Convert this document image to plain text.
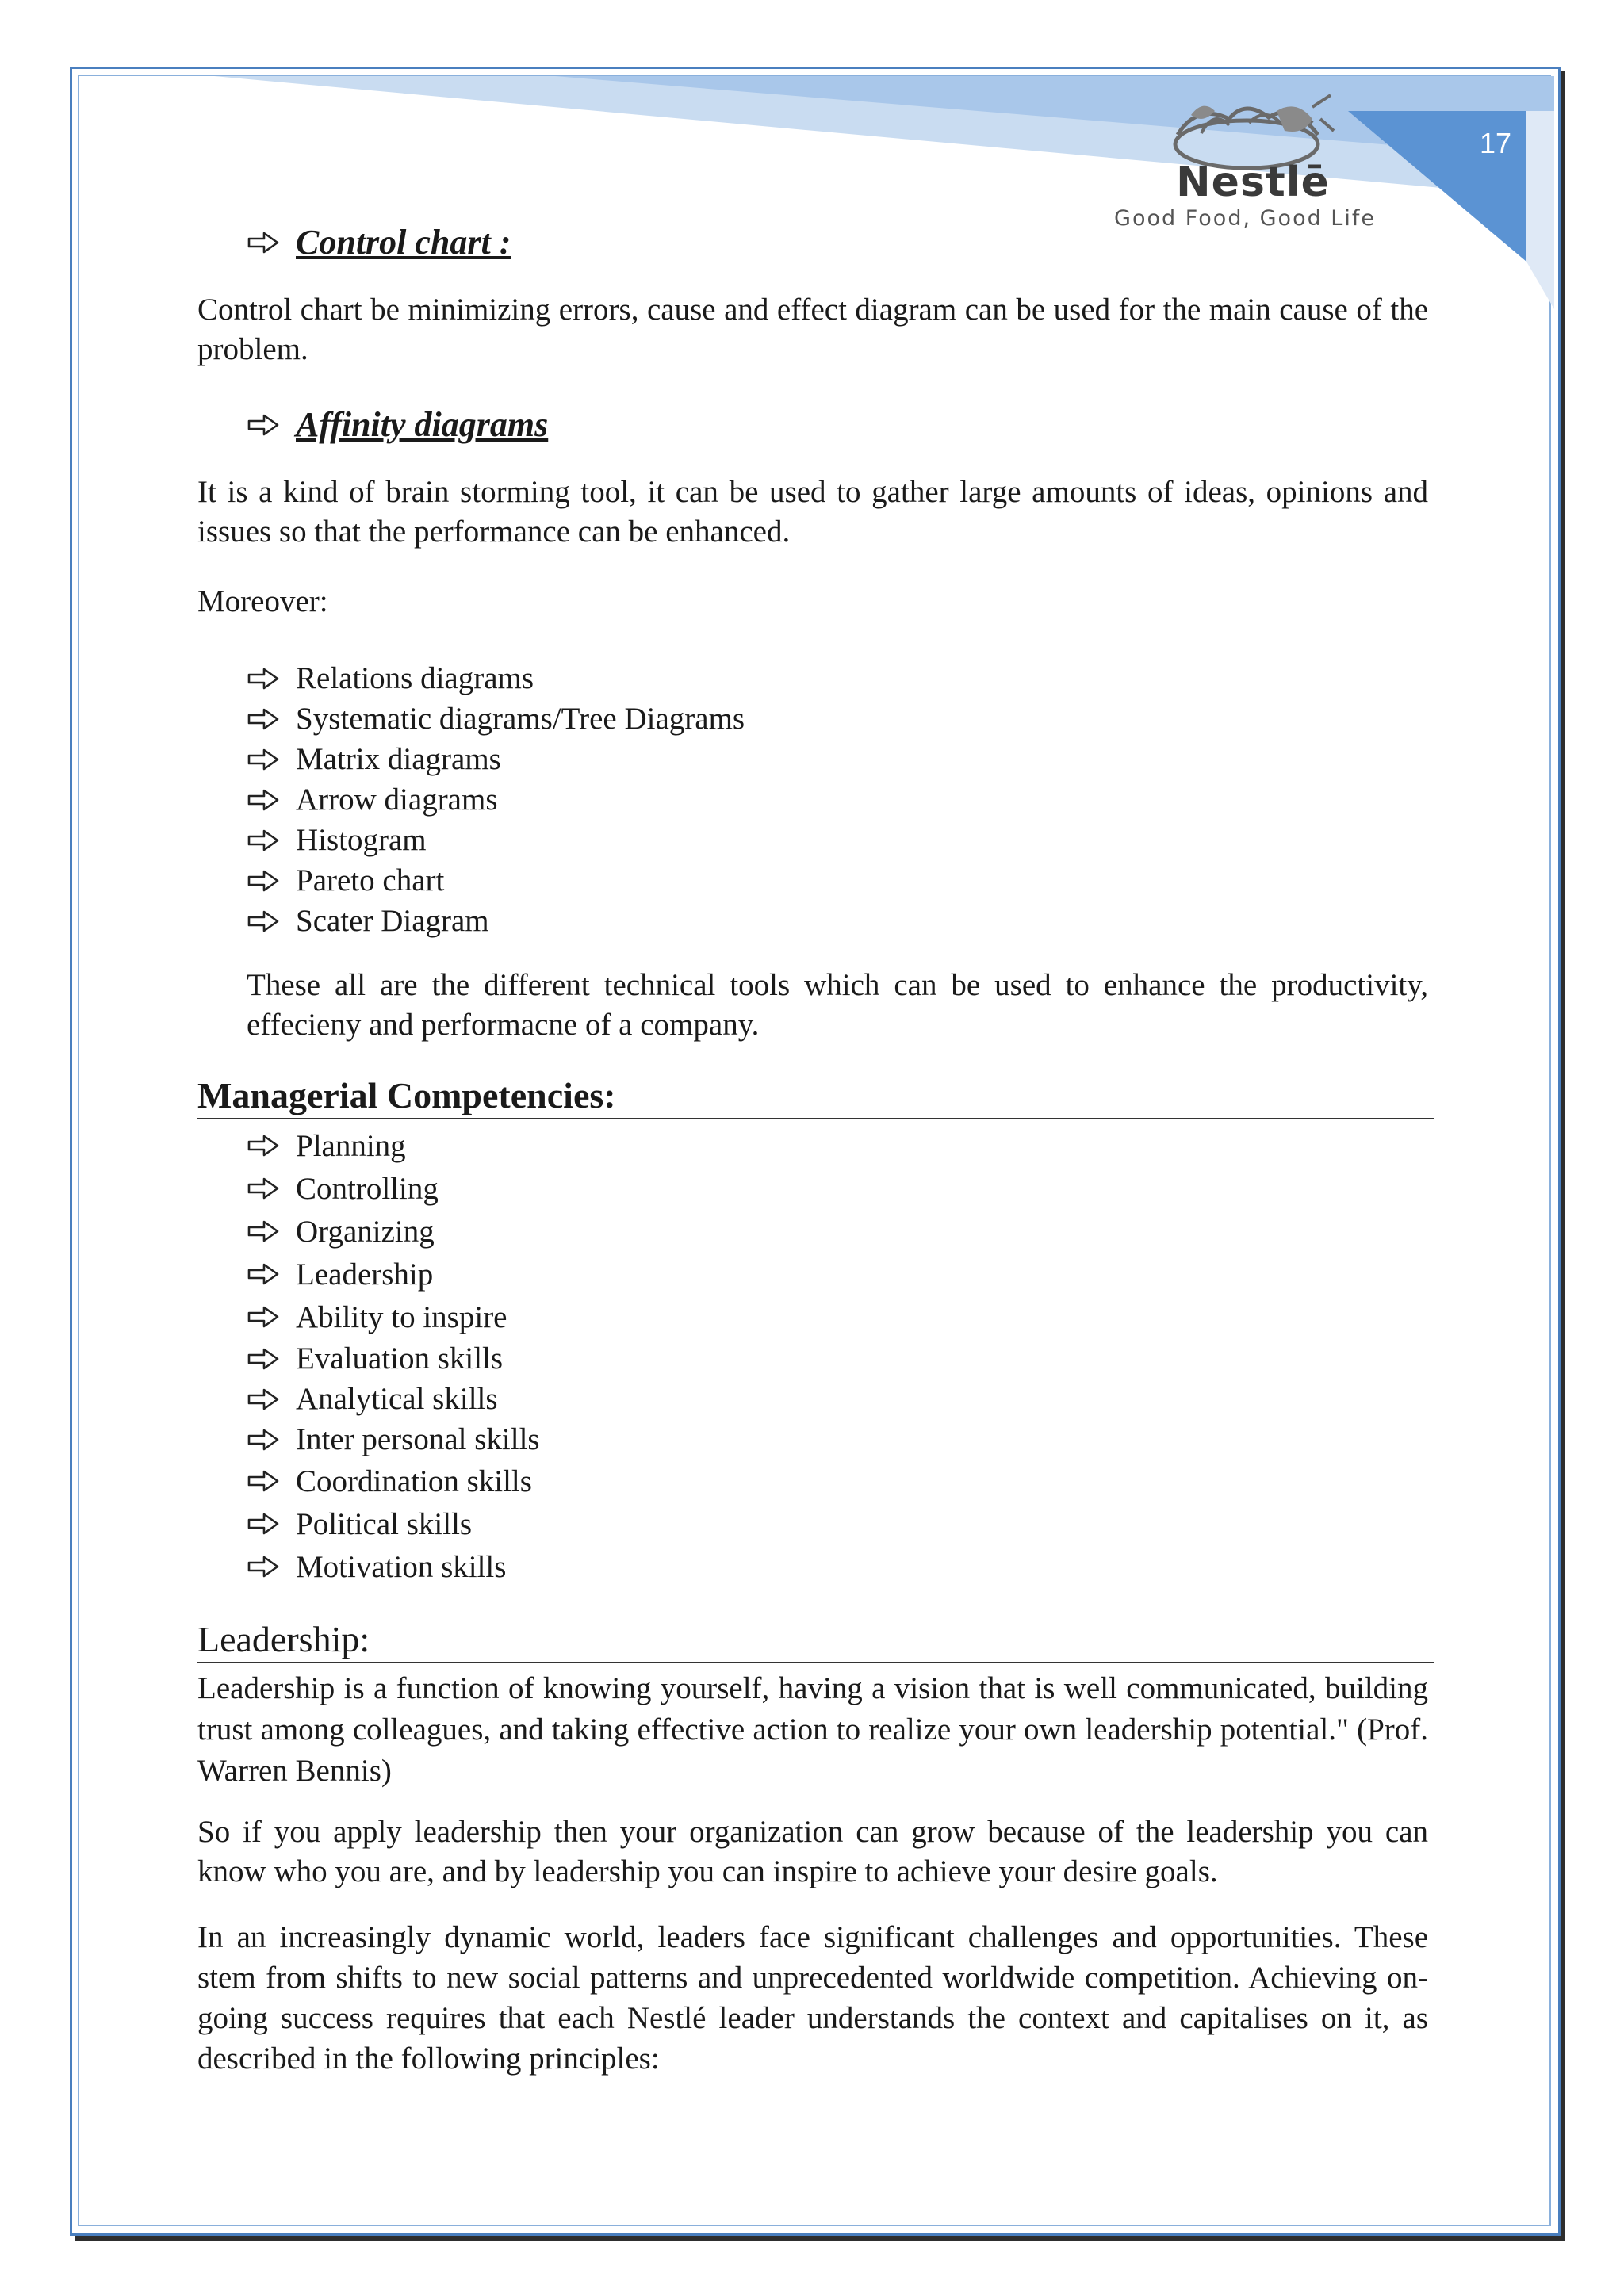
17
Nestlē
Good Food, Good Life
Control chart :

Control chart be minimizing errors, cause and effect diagram can be used for the main cause of the problem.

Affinity diagrams

It is a kind of brain storming tool, it can be used to gather large amounts of ideas, opinions and issues so that the performance can be enhanced.

Moreover:

Relations diagrams
Systematic diagrams/Tree Diagrams
Matrix diagrams
Arrow diagrams
Histogram
Pareto chart
Scater Diagram

These all are the different technical tools which can be used to enhance the productivity, effecieny and performacne of a company.

Managerial Competencies:
Planning
Controlling
Organizing
Leadership
Ability to inspire
Evaluation skills
Analytical skills
Inter personal skills
Coordination skills
Political skills
Motivation skills
Leadership:

Leadership is a function of knowing yourself, having a vision that is well communicated, building trust among colleagues, and taking effective action to realize your own leadership potential." (Prof. Warren Bennis)

So if you apply leadership then your organization can grow because of the leadership you can know who you are, and by leadership you can inspire to achieve your desire goals.

In an increasingly dynamic world, leaders face significant challenges and opportunities. These stem from shifts to new social patterns and unprecedented worldwide competition. Achieving on-going success requires that each Nestlé leader understands the context and capitalises on it, as described in the following principles:
